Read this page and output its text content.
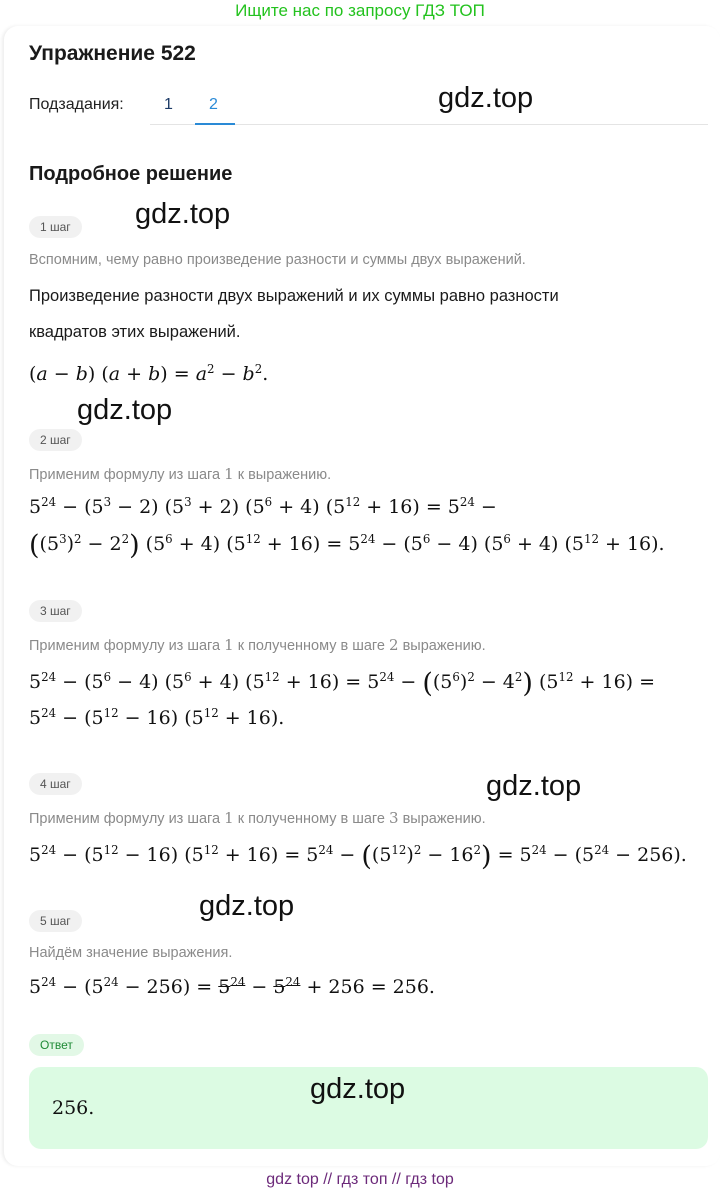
Ищите нас по запросу ГДЗ ТОП
Упражнение 522
Подзадания:	1 2
Подробное решение
1 шаг
Вспомним, чему равно произведение разности и суммы двух выражений.
Произведение разности двух выражений и их суммы равно разности
квадратов этих выражений.
(a − b) $(a + b) = a^2 - b^2$.
2 шаг
Применим формулу из шага 1 к выражению.
$5^{24} - (5^3 - 2) (5^3 + 2) (5^6 + 4) (5^{12} + 16) = 5^{24}$ −
$((5^3)^2 - 2^2) (5^6 + 4) (5^{12} + 16) = 5^{24} - (5^6 - 4) (5^6 + 4) (5^{12} + 16)$.
3 шаг
Применим формулу из шага 1 к полученному в шаге 2 выражению.
$5^{24} - (5^6 - 4) (5^6 + 4) (5^{12} + 16) = 5^{24} - ((5^6)^2 - 4^2) (5^{12} + 16)$ =
$5^{24} - (5^{12} - 16) (5^{12} + 16)$.
4 шаг
Применим формулу из шага 1 к полученному в шаге 3 выражению.
$5^{24} - (5^{12} - 16) (5^{12} + 16) = 5^{24} - ((5^{12})^2 - 16^2) = 5^{24} - (5^{24} - 256)$.
5 шаг
Найдём значение выражения.
$5^{24} - (5^{24} - 256) = 5^{24} - 5^{24} + 256 = 256$.
Ответ
256.
gdz.top
gdz.top
gdz.top
gdz.top
gdz.top
gdz.top
gdz top // гдз топ // гдз top
